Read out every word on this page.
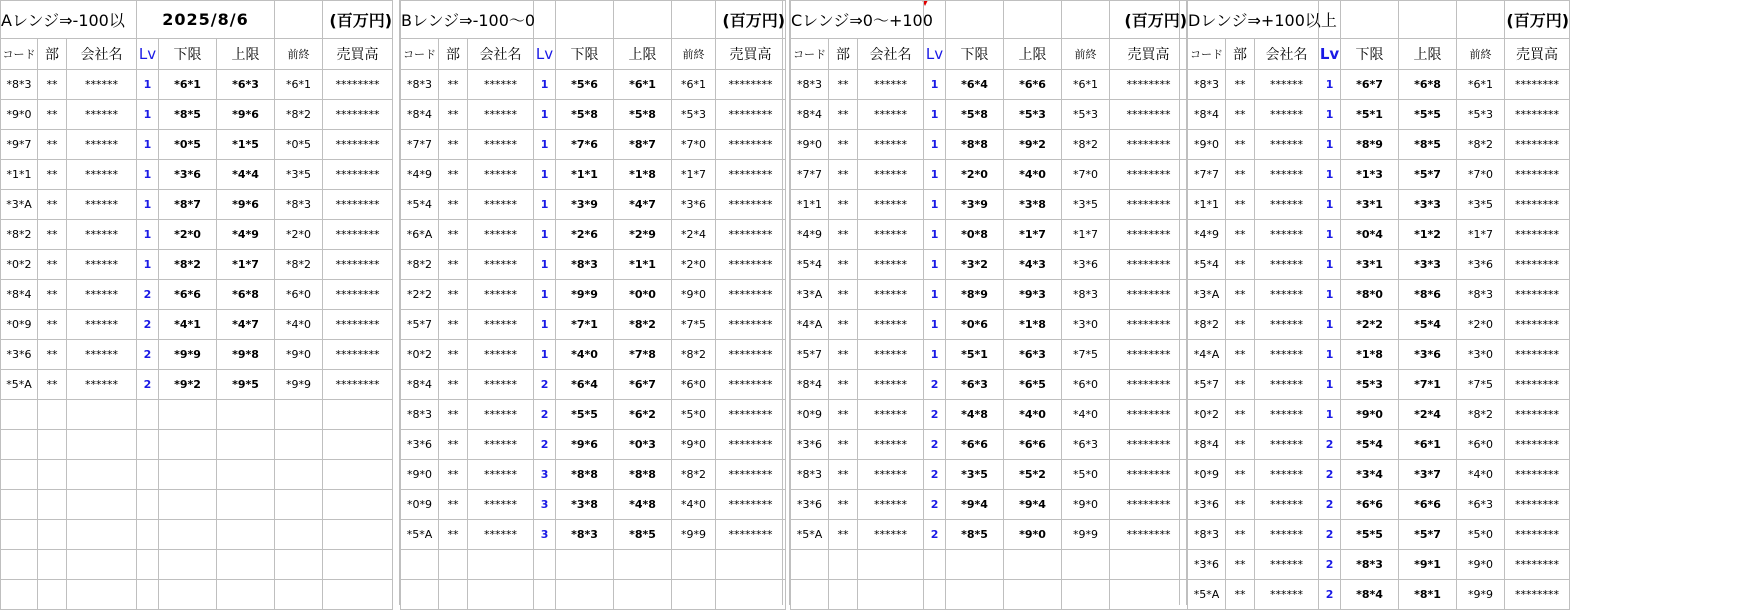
Aレンジ⇒-100以			2025/8/6				(百万円)
コード	部	会社名	Lv	下限	上限	前終	売買高
*8*3	**	******	1	*6*1	*6*3	*6*1	********
*9*0	**	******	1	*8*5	*9*6	*8*2	********
*9*7	**	******	1	*0*5	*1*5	*0*5	********
*1*1	**	******	1	*3*6	*4*4	*3*5	********
*3*A	**	******	1	*8*7	*9*6	*8*3	********
*8*2	**	******	1	*2*0	*4*9	*2*0	********
*0*2	**	******	1	*8*2	*1*7	*8*2	********
*8*4	**	******	2	*6*6	*6*8	*6*0	********
*0*9	**	******	2	*4*1	*4*7	*4*0	********
*3*6	**	******	2	*9*9	*9*8	*9*0	********
*5*A	**	******	2	*9*2	*9*5	*9*9	********

Bレンジ⇒-100〜0							(百万円)
コード	部	会社名	Lv	下限	上限	前終	売買高
*8*3	**	******	1	*5*6	*6*1	*6*1	********
*8*4	**	******	1	*5*8	*5*8	*5*3	********
*7*7	**	******	1	*7*6	*8*7	*7*0	********
*4*9	**	******	1	*1*1	*1*8	*1*7	********
*5*4	**	******	1	*3*9	*4*7	*3*6	********
*6*A	**	******	1	*2*6	*2*9	*2*4	********
*8*2	**	******	1	*8*3	*1*1	*2*0	********
*2*2	**	******	1	*9*9	*0*0	*9*0	********
*5*7	**	******	1	*7*1	*8*2	*7*5	********
*0*2	**	******	1	*4*0	*7*8	*8*2	********
*8*4	**	******	2	*6*4	*6*7	*6*0	********
*8*3	**	******	2	*5*5	*6*2	*5*0	********
*3*6	**	******	2	*9*6	*0*3	*9*0	********
*9*0	**	******	3	*8*8	*8*8	*8*2	********
*0*9	**	******	3	*3*8	*4*8	*4*0	********
*5*A	**	******	3	*8*3	*8*5	*9*9	********

Cレンジ⇒0〜+100							(百万円)
コード	部	会社名	Lv	下限	上限	前終	売買高
*8*3	**	******	1	*6*4	*6*6	*6*1	********
*8*4	**	******	1	*5*8	*5*3	*5*3	********
*9*0	**	******	1	*8*8	*9*2	*8*2	********
*7*7	**	******	1	*2*0	*4*0	*7*0	********
*1*1	**	******	1	*3*9	*3*8	*3*5	********
*4*9	**	******	1	*0*8	*1*7	*1*7	********
*5*4	**	******	1	*3*2	*4*3	*3*6	********
*3*A	**	******	1	*8*9	*9*3	*8*3	********
*4*A	**	******	1	*0*6	*1*8	*3*0	********
*5*7	**	******	1	*5*1	*6*3	*7*5	********
*8*4	**	******	2	*6*3	*6*5	*6*0	********
*0*9	**	******	2	*4*8	*4*0	*4*0	********
*3*6	**	******	2	*6*6	*6*6	*6*3	********
*8*3	**	******	2	*3*5	*5*2	*5*0	********
*3*6	**	******	2	*9*4	*9*4	*9*0	********
*5*A	**	******	2	*8*5	*9*0	*9*9	********

Dレンジ⇒+100以上							(百万円)
コード	部	会社名	Lv	下限	上限	前終	売買高
*8*3	**	******	1	*6*7	*6*8	*6*1	********
*8*4	**	******	1	*5*1	*5*5	*5*3	********
*9*0	**	******	1	*8*9	*8*5	*8*2	********
*7*7	**	******	1	*1*3	*5*7	*7*0	********
*1*1	**	******	1	*3*1	*3*3	*3*5	********
*4*9	**	******	1	*0*4	*1*2	*1*7	********
*5*4	**	******	1	*3*1	*3*3	*3*6	********
*3*A	**	******	1	*8*0	*8*6	*8*3	********
*8*2	**	******	1	*2*2	*5*4	*2*0	********
*4*A	**	******	1	*1*8	*3*6	*3*0	********
*5*7	**	******	1	*5*3	*7*1	*7*5	********
*0*2	**	******	1	*9*0	*2*4	*8*2	********
*8*4	**	******	2	*5*4	*6*1	*6*0	********
*0*9	**	******	2	*3*4	*3*7	*4*0	********
*3*6	**	******	2	*6*6	*6*6	*6*3	********
*8*3	**	******	2	*5*5	*5*7	*5*0	********
*3*6	**	******	2	*8*3	*9*1	*9*0	********
*5*A	**	******	2	*8*4	*8*1	*9*9	********
